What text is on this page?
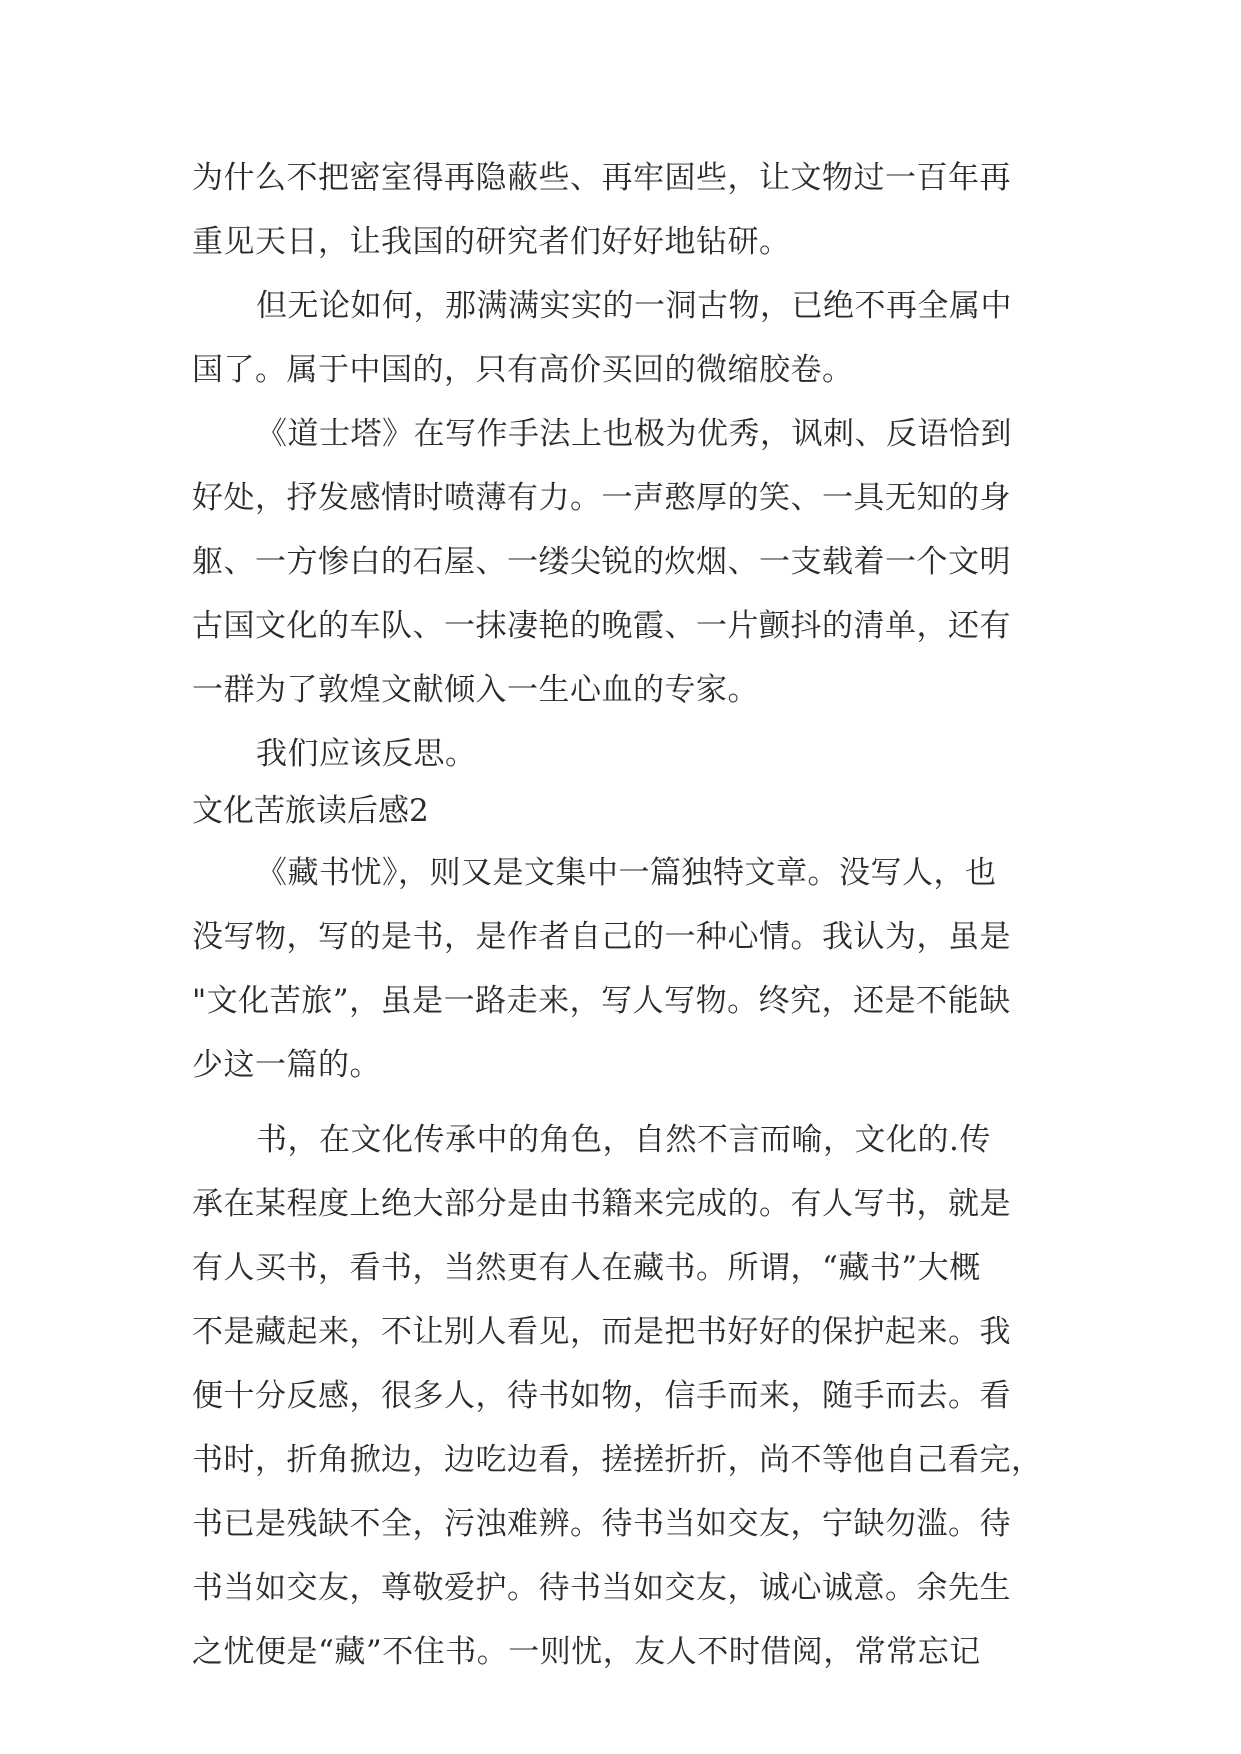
为什么不把密室得再隐蔽些、再牢固些，让文物过一百年再
重见天日，让我国的研究者们好好地钻研。
但无论如何，那满满实实的一洞古物，已绝不再全属中
国了。属于中国的，只有高价买回的微缩胶卷。
《道士塔》在写作手法上也极为优秀，讽刺、反语恰到
好处，抒发感情时喷薄有力。一声憨厚的笑、一具无知的身
躯、一方惨白的石屋、一缕尖锐的炊烟、一支载着一个文明
古国文化的车队、一抹凄艳的晚霞、一片颤抖的清单，还有
一群为了敦煌文献倾入一生心血的专家。
我们应该反思。
文化苦旅读后感2
《藏书忧》，则又是文集中一篇独特文章。没写人，也
没写物，写的是书，是作者自己的一种心情。我认为，虽是
"文化苦旅”，虽是一路走来，写人写物。终究，还是不能缺
少这一篇的。
书，在文化传承中的角色，自然不言而喻，文化的.传
承在某程度上绝大部分是由书籍来完成的。有人写书，就是
有人买书，看书，当然更有人在藏书。所谓，“藏书”大概
不是藏起来，不让别人看见，而是把书好好的保护起来。我
便十分反感，很多人，待书如物，信手而来，随手而去。看
书时，折角掀边，边吃边看，搓搓折折，尚不等他自己看完，
书已是残缺不全，污浊难辨。待书当如交友，宁缺勿滥。待
书当如交友，尊敬爱护。待书当如交友，诚心诚意。余先生
之忧便是“藏”不住书。一则忧，友人不时借阅，常常忘记
